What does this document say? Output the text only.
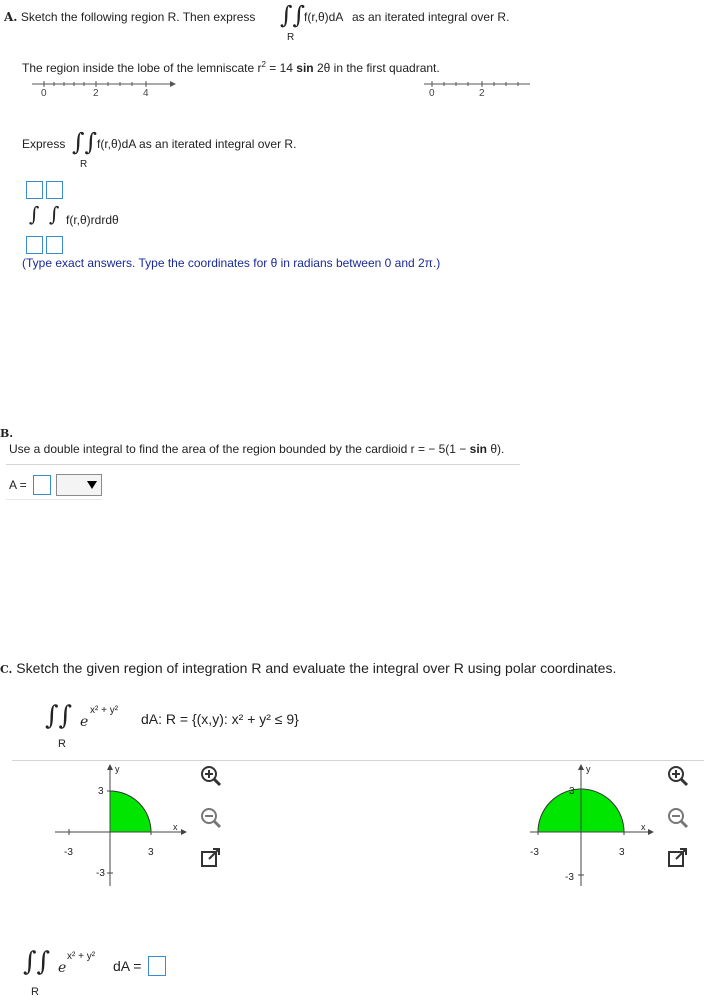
A. Sketch the following region R. Then express ∫∫
f(r,θ)dA as an iterated integral over R.
R
The region inside the lobe of the lemniscate $r^2 = 14$ sin 2θ in the first quadrant.
0	2	4	0	2
Express ∫∫ f(r,θ)dA as an iterated integral over R.
R
∫ ∫ f(r,θ)rdrdθ
(Type exact answers. Type the coordinates for θ in radians between 0 and 2π.)
B.
Use a double integral to find the area of the region bounded by the cardioid r = − 5(1 − sin θ).
A =
C. Sketch the given region of integration R and evaluate the integral over R using polar coordinates.
∫∫ e
x² + y²
dA: R = {(x,y): x² + y² ≤ 9}
R
y
x
3
-3	3
-3
y
x
3
-3	3
-3
∫∫ e
x² + y²
dA =
R
